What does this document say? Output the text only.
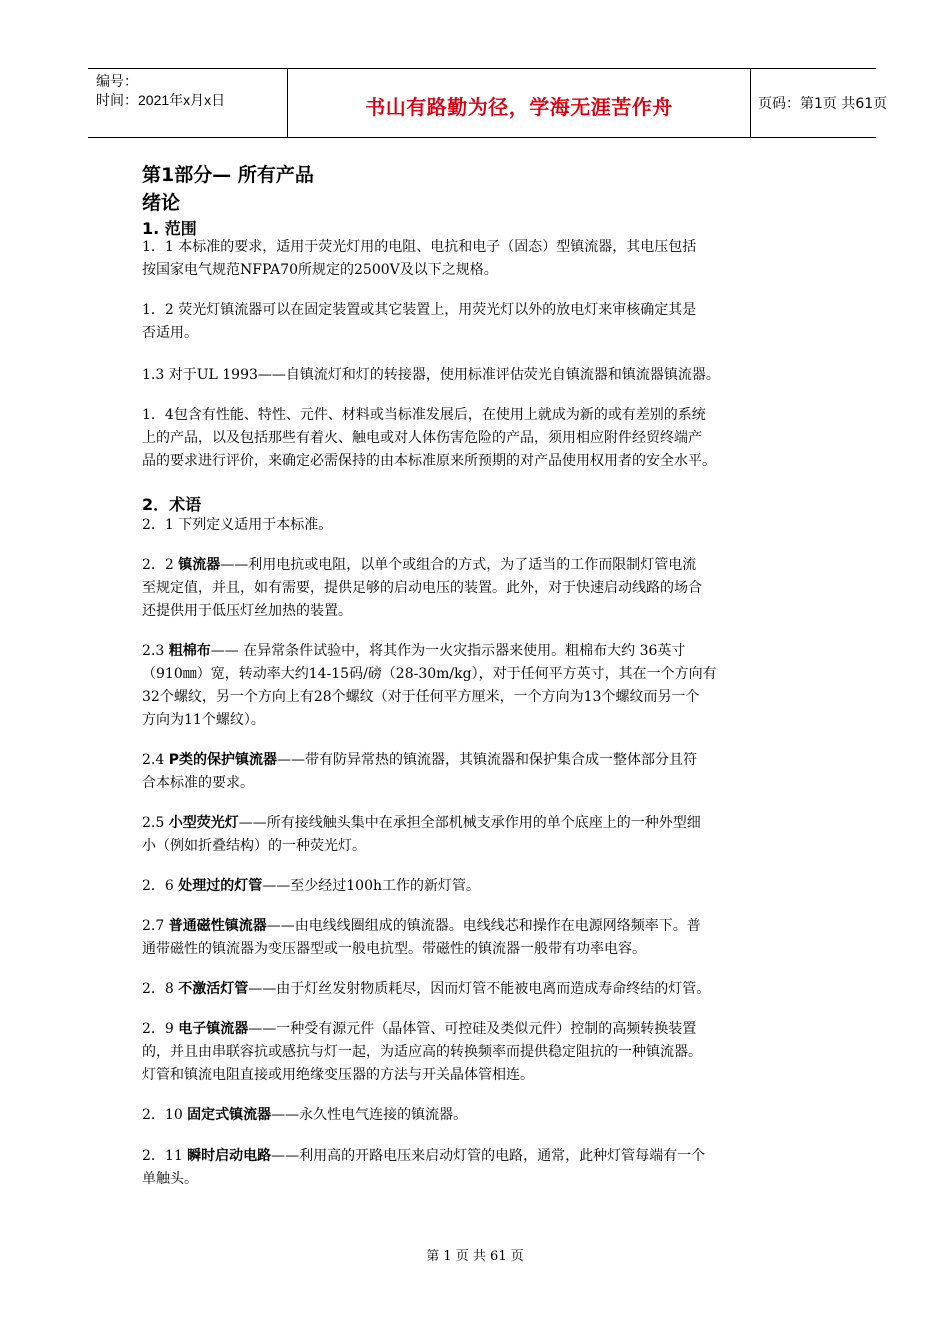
编号：
时间：2021年x月x日	书山有路勤为径，学海无涯苦作舟	页码：第1页 共61页
第1部分— 所有产品
绪论
1. 范围
1．1 本标准的要求，适用于荧光灯用的电阻、电抗和电子（固态）型镇流器，其电压包括
按国家电气规范NFPA70所规定的2500V及以下之规格。
1．2 荧光灯镇流器可以在固定装置或其它装置上，用荧光灯以外的放电灯来审核确定其是
否适用。
1.3 对于UL 1993——自镇流灯和灯的转接器，使用标准评估荧光自镇流器和镇流器镇流器。
1．4包含有性能、特性、元件、材料或当标准发展后，在使用上就成为新的或有差别的系统
上的产品，以及包括那些有着火、触电或对人体伤害危险的产品，须用相应附件经贸终端产
品的要求进行评价，来确定必需保持的由本标准原来所预期的对产品使用权用者的安全水平。
2．术语
2．1 下列定义适用于本标准。
2．2 镇流器——利用电抗或电阻，以单个或组合的方式，为了适当的工作而限制灯管电流
至规定值，并且，如有需要，提供足够的启动电压的装置。此外，对于快速启动线路的场合
还提供用于低压灯丝加热的装置。
2.3 粗棉布—— 在异常条件试验中，将其作为一火灾指示器来使用。粗棉布大约 36英寸
（910㎜）宽，转动率大约14-15码/磅（28-30m/kg），对于任何平方英寸，其在一个方向有
32个螺纹，另一个方向上有28个螺纹（对于任何平方厘米，一个方向为13个螺纹而另一个
方向为11个螺纹）。
2.4 P类的保护镇流器——带有防异常热的镇流器，其镇流器和保护集合成一整体部分且符
合本标准的要求。
2.5 小型荧光灯——所有接线触头集中在承担全部机械支承作用的单个底座上的一种外型细
小（例如折叠结构）的一种荧光灯。
2．6 处理过的灯管——至少经过100h工作的新灯管。
2.7 普通磁性镇流器——由电线线圈组成的镇流器。电线线芯和操作在电源网络频率下。普
通带磁性的镇流器为变压器型或一般电抗型。带磁性的镇流器一般带有功率电容。
2．8 不激活灯管——由于灯丝发射物质耗尽，因而灯管不能被电离而造成寿命终结的灯管。
2．9 电子镇流器——一种受有源元件（晶体管、可控硅及类似元件）控制的高频转换装置
的，并且由串联容抗或感抗与灯一起，为适应高的转换频率而提供稳定阻抗的一种镇流器。
灯管和镇流电阻直接或用绝缘变压器的方法与开关晶体管相连。
2．10 固定式镇流器——永久性电气连接的镇流器。
2．11 瞬时启动电路——利用高的开路电压来启动灯管的电路，通常，此种灯管每端有一个
单触头。
第 1 页 共 61 页
